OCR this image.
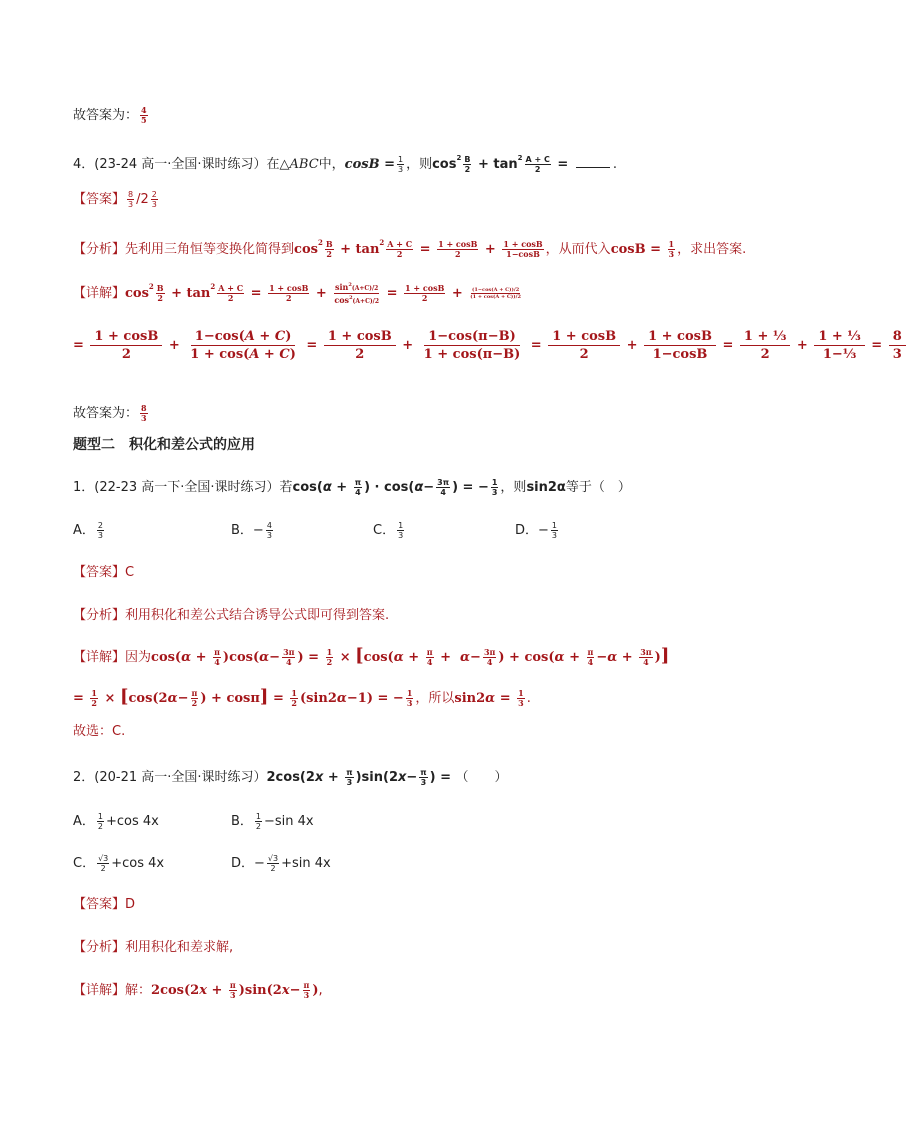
故答案为： $\frac{4}{5}$
4．(23-24 高一·全国·课时练习）在△ABC中，$\cos B = \frac{1}{3}$ ，则$\cos^2 \frac{B}{2} + \tan^2 \frac{A + C}{2}$ =	.
【答案】 $\frac{8}{3} /2 \frac{2}{3}$
【分析】先利用三角恒等变换化简得到$\cos^2 \frac{B}{2} + \tan^2 \frac{A + C}{2} = \frac{1 + \cos B}{2} + \frac{1 + \cos B}{1-\cos B}$ ，从而代入$\cos B = \frac{1}{3}$ ，求出答案.
【详解】$\cos^2 \frac{B}{2} + \tan^2 \frac{A + C}{2} = \frac{1 + \cos B}{2} + \frac{\sin^2(A+C)/2}{\cos^2(A+C)/2} = \frac{1 + \cos B}{2} + \frac{(1-\cos(A + C))/2}{(1 + \cos(A + C))/2}$
= $\frac{1 + \cos B}{2} + \frac{1-\cos(A + C)}{1 + \cos(A + C)} = \frac{1 + \cos B}{2} + \frac{1-\cos(\pi-B)}{1 + \cos(\pi-B)} = \frac{1 + \cos B}{2} + \frac{1 + \cos B}{1-\cos B} = \frac{\text{1 + ⅓}}{2} + \frac{\text{1 + ⅓}}{\text{1−⅓}} = \frac{8}{3}$
故答案为： $\frac{8}{3}$
题型二　积化和差公式的应用
1．(22-23 高一下·全国·课时练习）若$\cos(\alpha + \frac{\pi}{4}$ ) · $\cos(\alpha- \frac{3\pi}{4}$ ) = − $\frac{1}{3}$ ，则sin2α等于（　）
A． $\frac{2}{3}$	B．− $\frac{4}{3}$	C． $\frac{1}{3}$	D．− $\frac{1}{3}$
【答案】C
【分析】利用积化和差公式结合诱导公式即可得到答案.
【详解】因为$\cos(\alpha + \frac{\pi}{4} )\cos(\alpha- \frac{3\pi}{4}$ ) = $\frac{1}{2} \times [\cos(\alpha + \frac{\pi}{4} + \alpha- \frac{3\pi}{4}$ ) + $\cos(\alpha + \frac{\pi}{4} -\alpha + \frac{3\pi}{4}$ )]
= $\frac{1}{2} \times [\cos(2\alpha- \frac{\pi}{2}$ ) + $\cos\pi] = \frac{1}{2} (\sin 2\alpha-1)$ = − $\frac{1}{3}$ ，所以$\sin 2\alpha = \frac{1}{3}$ .
故选：C.
2．(20-21 高一·全国·课时练习）$2\cos(2x + \frac{\pi}{3} )\sin(2x- \frac{\pi}{3}$ ) = （　　）
A． $\frac{1}{2} +\cos$ 4x	B． $\frac{1}{2} -\sin$ 4x
C． $\frac{√3}{2} +\cos$ 4x	D．− $\frac{√3}{2} +\sin$ 4x
【答案】D
【分析】利用积化和差求解,
【详解】解：$2\cos(2x + \frac{\pi}{3} )\sin(2x- \frac{\pi}{3}$ ),
